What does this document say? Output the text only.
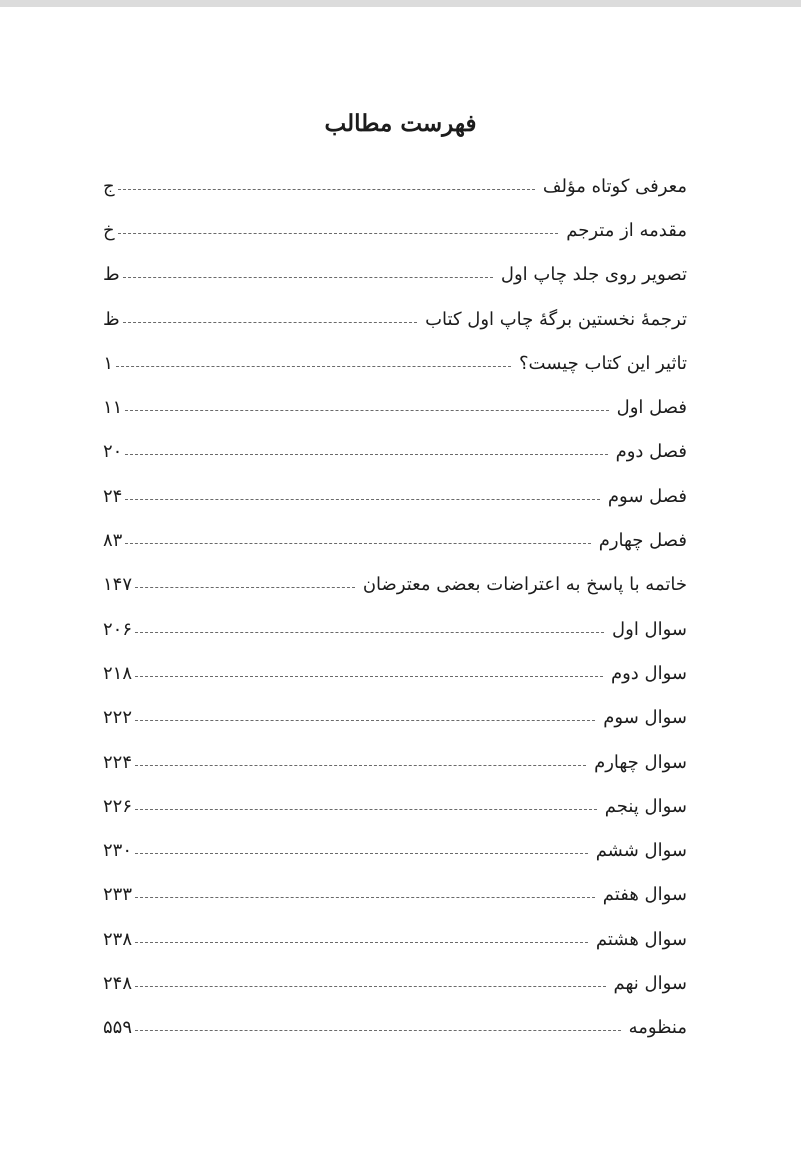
فهرست مطالب
معرفی کوتاه مؤلف
ج
مقدمه از مترجم
خ
تصویر روی جلد چاپ اول
ط
ترجمهٔ نخستین برگهٔ چاپ اول کتاب
ظ
تاثیر این کتاب چیست؟
۱
فصل اول
۱۱
فصل دوم
۲۰
فصل سوم
۲۴
فصل چهارم
۸۳
خاتمه با پاسخ به اعتراضات بعضی معترضان
۱۴۷
سوال اول
۲۰۶
سوال دوم
۲۱۸
سوال سوم
۲۲۲
سوال چهارم
۲۲۴
سوال پنجم
۲۲۶
سوال ششم
۲۳۰
سوال هفتم
۲۳۳
سوال هشتم
۲۳۸
سوال نهم
۲۴۸
منظومه
۵۵۹
